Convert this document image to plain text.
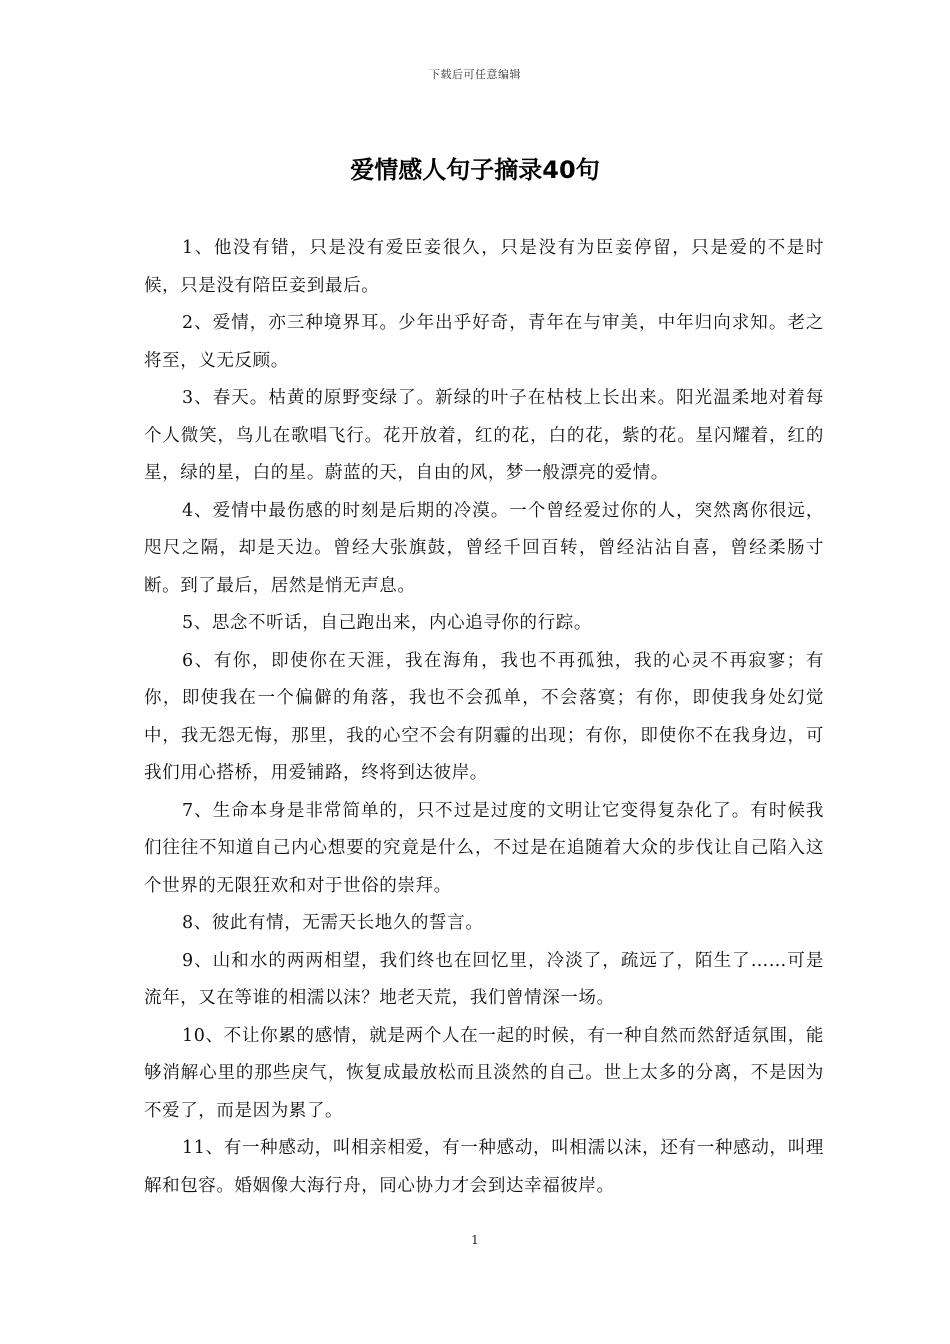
下载后可任意编辑
爱情感人句子摘录40句

1、他没有错，只是没有爱臣妾很久，只是没有为臣妾停留，只是爱的不是时候，只是没有陪臣妾到最后。

2、爱情，亦三种境界耳。少年出乎好奇，青年在与审美，中年归向求知。老之将至，义无反顾。

3、春天。枯黄的原野变绿了。新绿的叶子在枯枝上长出来。阳光温柔地对着每个人微笑，鸟儿在歌唱飞行。花开放着，红的花，白的花，紫的花。星闪耀着，红的星，绿的星，白的星。蔚蓝的天，自由的风，梦一般漂亮的爱情。

4、爱情中最伤感的时刻是后期的冷漠。一个曾经爱过你的人，突然离你很远，咫尺之隔，却是天边。曾经大张旗鼓，曾经千回百转，曾经沾沾自喜，曾经柔肠寸断。到了最后，居然是悄无声息。

5、思念不听话，自己跑出来，内心追寻你的行踪。

6、有你，即使你在天涯，我在海角，我也不再孤独，我的心灵不再寂寥；有你，即使我在一个偏僻的角落，我也不会孤单，不会落寞；有你，即使我身处幻觉中，我无怨无悔，那里，我的心空不会有阴霾的出现；有你，即使你不在我身边，可我们用心搭桥，用爱铺路，终将到达彼岸。

7、生命本身是非常简单的，只不过是过度的文明让它变得复杂化了。有时候我们往往不知道自己内心想要的究竟是什么，不过是在追随着大众的步伐让自己陷入这个世界的无限狂欢和对于世俗的崇拜。

8、彼此有情，无需天长地久的誓言。

9、山和水的两两相望，我们终也在回忆里，冷淡了，疏远了，陌生了……可是流年，又在等谁的相濡以沫？地老天荒，我们曾情深一场。

10、不让你累的感情，就是两个人在一起的时候，有一种自然而然舒适氛围，能够消解心里的那些戾气，恢复成最放松而且淡然的自己。世上太多的分离，不是因为不爱了，而是因为累了。

11、有一种感动，叫相亲相爱，有一种感动，叫相濡以沫，还有一种感动，叫理解和包容。婚姻像大海行舟，同心协力才会到达幸福彼岸。

1
